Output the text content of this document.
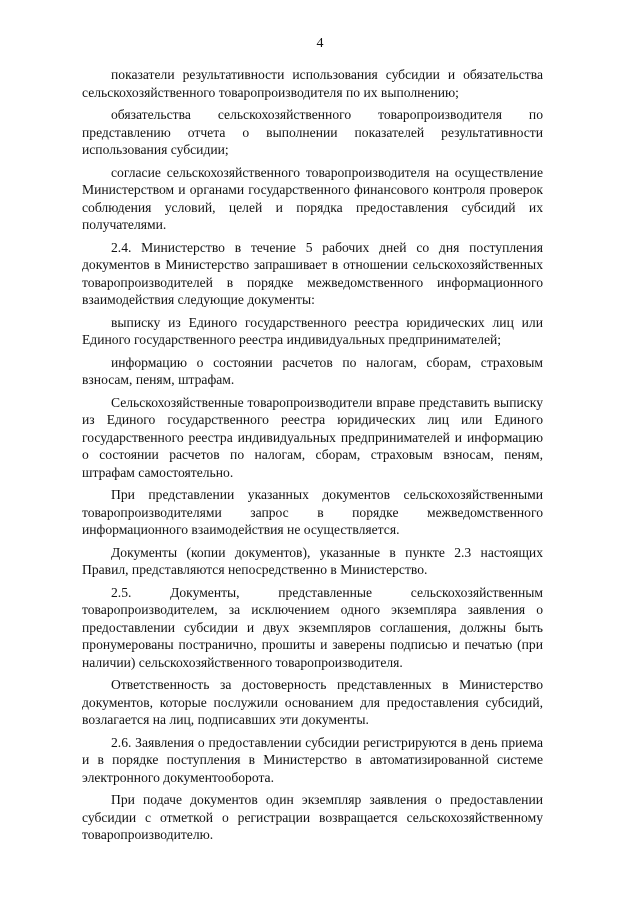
4

показатели результативности использования субсидии и обязательства сельскохозяйственного товаропроизводителя по их выполнению;

обязательства сельскохозяйственного товаропроизводителя по представлению отчета о выполнении показателей результативности использования субсидии;

согласие сельскохозяйственного товаропроизводителя на осуществление Министерством и органами государственного финансового контроля проверок соблюдения условий, целей и порядка предоставления субсидий их получателями.

2.4. Министерство в течение 5 рабочих дней со дня поступления документов в Министерство запрашивает в отношении сельскохозяйственных товаропроизводителей в порядке межведомственного информационного взаимодействия следующие документы:

выписку из Единого государственного реестра юридических лиц или Единого государственного реестра индивидуальных предпринимателей;

информацию о состоянии расчетов по налогам, сборам, страховым взносам, пеням, штрафам.

Сельскохозяйственные товаропроизводители вправе представить выписку из Единого государственного реестра юридических лиц или Единого государственного реестра индивидуальных предпринимателей и информацию о состоянии расчетов по налогам, сборам, страховым взносам, пеням, штрафам самостоятельно.

При представлении указанных документов сельскохозяйственными товаропроизводителями запрос в порядке межведомственного информационного взаимодействия не осуществляется.

Документы (копии документов), указанные в пункте 2.3 настоящих Правил, представляются непосредственно в Министерство.

2.5. Документы, представленные сельскохозяйственным товаропроизводителем, за исключением одного экземпляра заявления о предоставлении субсидии и двух экземпляров соглашения, должны быть пронумерованы постранично, прошиты и заверены подписью и печатью (при наличии) сельскохозяйственного товаропроизводителя.

Ответственность за достоверность представленных в Министерство документов, которые послужили основанием для предоставления субсидий, возлагается на лиц, подписавших эти документы.

2.6. Заявления о предоставлении субсидии регистрируются в день приема и в порядке поступления в Министерство в автоматизированной системе электронного документооборота.

При подаче документов один экземпляр заявления о предоставлении субсидии с отметкой о регистрации возвращается сельскохозяйственному товаропроизводителю.
